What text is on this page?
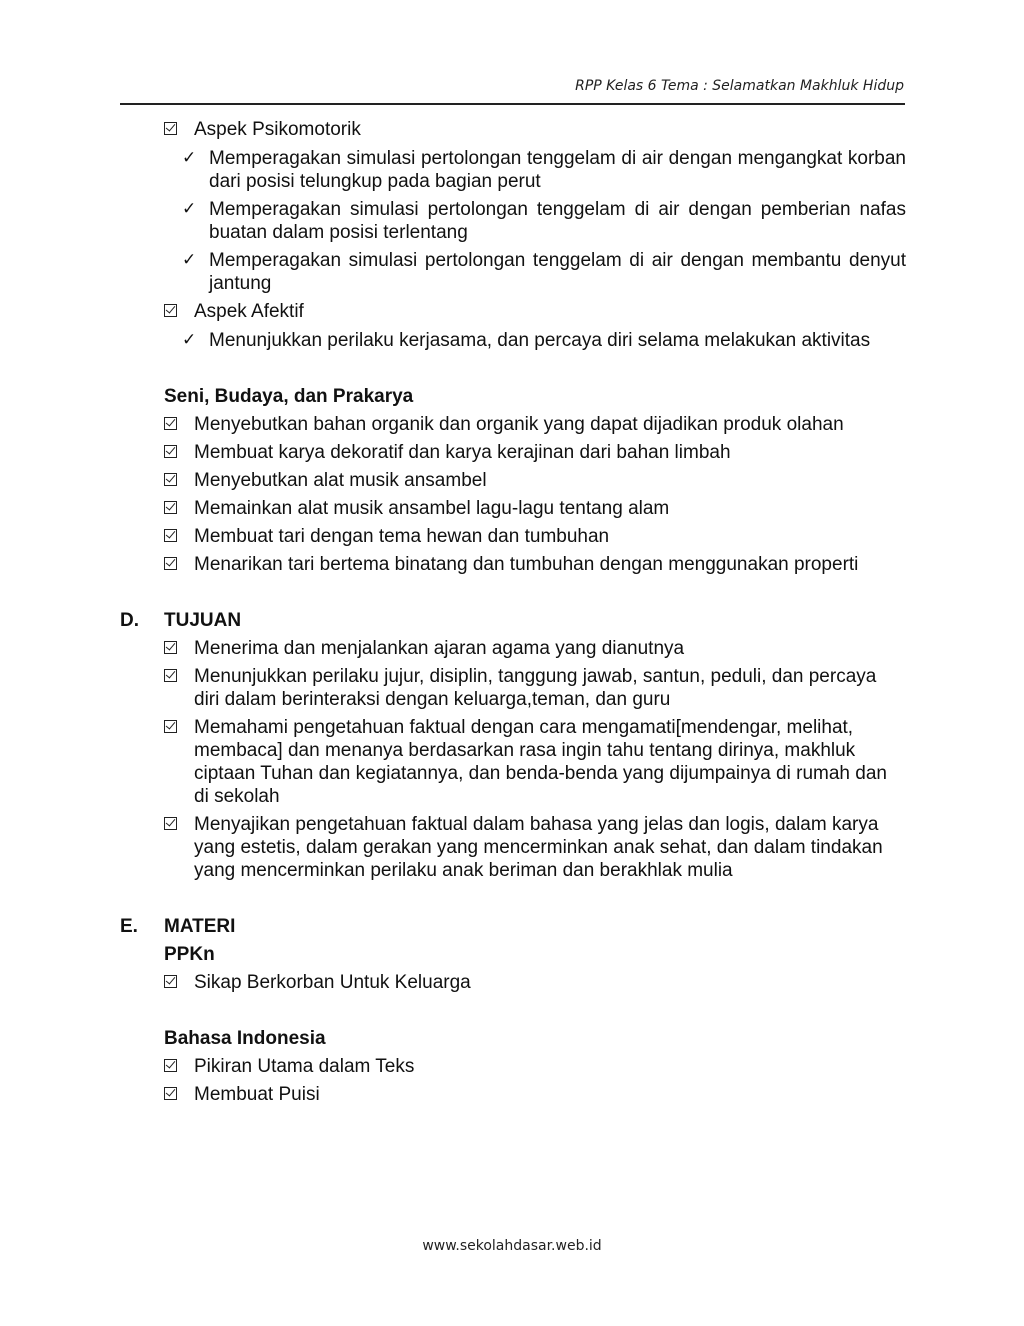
RPP Kelas 6 Tema : Selamatkan Makhluk Hidup
Aspek Psikomotorik
✓ Memperagakan simulasi pertolongan tenggelam di air dengan mengangkat korban dari posisi telungkup pada bagian perut
✓ Memperagakan simulasi pertolongan tenggelam di air dengan pemberian nafas buatan dalam posisi terlentang
✓ Memperagakan simulasi pertolongan tenggelam di air dengan membantu denyut jantung
Aspek Afektif
✓ Menunjukkan perilaku kerjasama, dan percaya diri selama melakukan aktivitas
Seni, Budaya, dan Prakarya
Menyebutkan bahan organik dan organik yang dapat dijadikan produk olahan
Membuat karya dekoratif dan karya kerajinan dari bahan limbah
Menyebutkan alat musik ansambel
Memainkan alat musik ansambel lagu-lagu tentang alam
Membuat tari dengan tema hewan dan tumbuhan
Menarikan tari bertema binatang dan tumbuhan dengan menggunakan properti
D. TUJUAN
Menerima dan menjalankan ajaran agama yang dianutnya
Menunjukkan perilaku jujur, disiplin, tanggung jawab, santun, peduli, dan percaya diri dalam berinteraksi dengan keluarga,teman, dan guru
Memahami pengetahuan faktual dengan cara mengamati[mendengar, melihat, membaca] dan menanya berdasarkan rasa ingin tahu tentang dirinya, makhluk ciptaan Tuhan dan kegiatannya, dan benda-benda yang dijumpainya di rumah dan di sekolah
Menyajikan pengetahuan faktual dalam bahasa yang jelas dan logis, dalam karya yang estetis, dalam gerakan yang mencerminkan anak sehat, dan dalam tindakan yang mencerminkan perilaku anak beriman dan berakhlak mulia
E. MATERI
PPKn
Sikap Berkorban Untuk Keluarga
Bahasa Indonesia
Pikiran Utama dalam Teks
Membuat Puisi
www.sekolahdasar.web.id
